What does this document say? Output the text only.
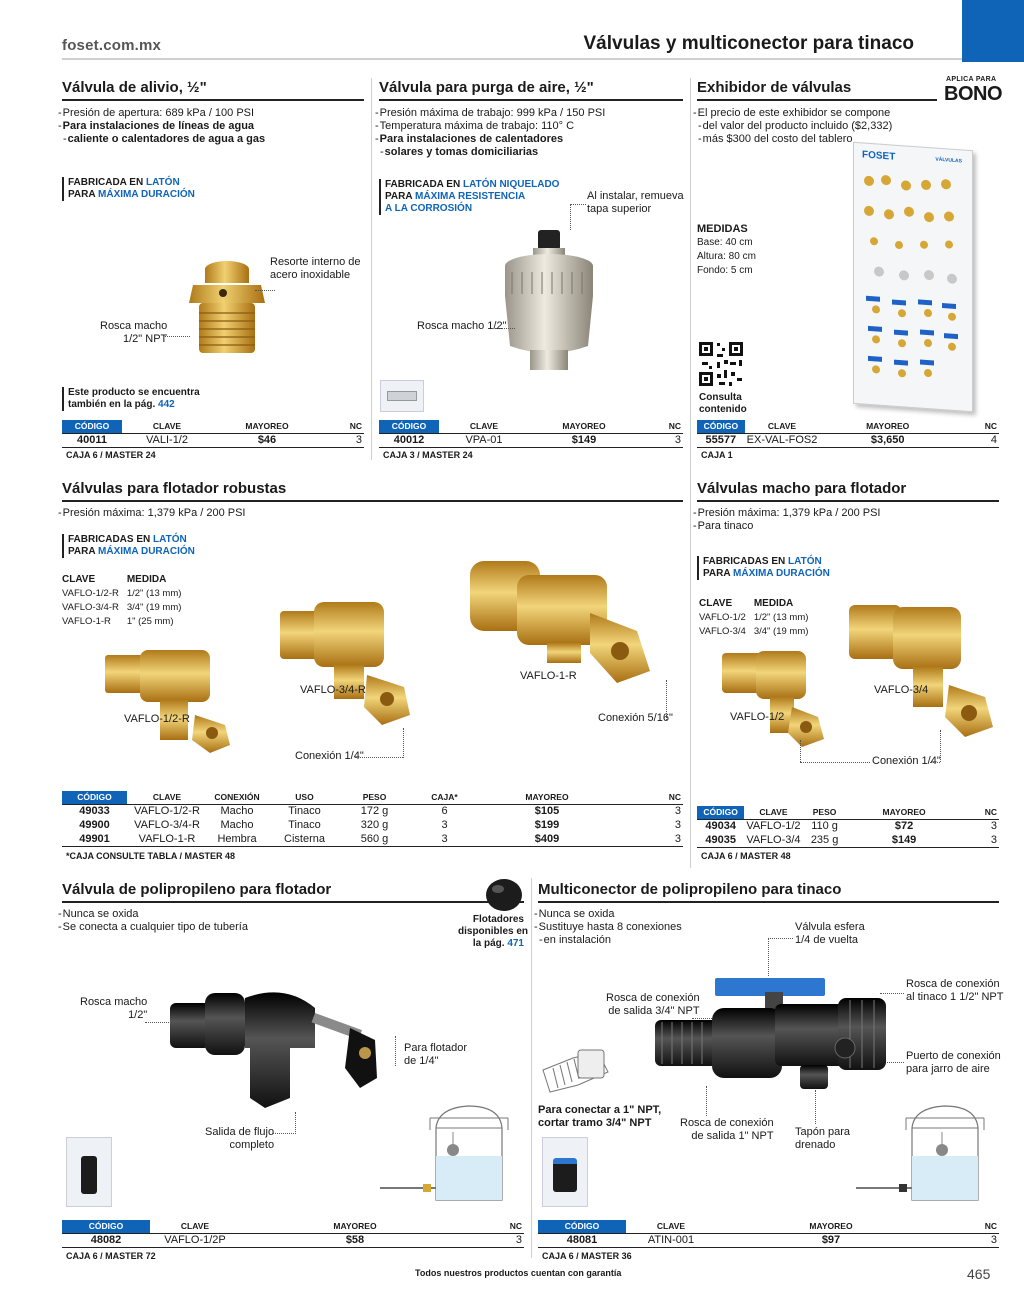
foset.com.mx	Válvulas y multiconector para tinaco
Válvula de alivio, ½"
- Presión de apertura: 689 kPa / 100 PSI
- Para instalaciones de líneas de agua
- caliente o calentadores de agua a gas
FABRICADA EN LATÓN
PARA MÁXIMA DURACIÓN
Resorte interno de
acero inoxidable
Rosca macho
1/2" NPT
Este producto se encuentra
también en la pág. 442
CÓDIGO	CLAVE	MAYOREO	NC
40011	VALI-1/2	$46	3
CAJA 6 / MASTER 24
Válvula para purga de aire, ½"
- Presión máxima de trabajo: 999 kPa / 150 PSI
- Temperatura máxima de trabajo: 110° C
- Para instalaciones de calentadores
- solares y tomas domiciliarias
FABRICADA EN LATÓN NIQUELADO
PARA MÁXIMA RESISTENCIA
A LA CORROSIÓN
Al instalar, remueva
tapa superior
Rosca macho 1/2"
CÓDIGO	CLAVE	MAYOREO	NC
40012	VPA-01	$149	3
CAJA 3 / MASTER 24
APLICA PARA
BONO
Exhibidor de válvulas
- El precio de este exhibidor se compone
- del valor del producto incluido ($2,332)
- más $300 del costo del tablero
MEDIDAS
Base: 40 cm
Altura: 80 cm
Fondo: 5 cm
Consulta
contenido
FOSET	VÁLVULAS
CÓDIGO	CLAVE	MAYOREO	NC
55577	EX-VAL-FOS2	$3,650	4
CAJA 1
Válvulas para flotador robustas
- Presión máxima: 1,379 kPa / 200 PSI
FABRICADAS EN LATÓN
PARA MÁXIMA DURACIÓN
CLAVE	MEDIDA
VAFLO-1/2-R	1/2" (13 mm)
VAFLO-3/4-R	3/4" (19 mm)
VAFLO-1-R	1" (25 mm)
VAFLO-1/2-R
VAFLO-3/4-R
VAFLO-1-R
Conexión 1/4"
Conexión 5/16"
CÓDIGO	CLAVE	CONEXIÓN	USO	PESO	CAJA*	MAYOREO	NC
49033	VAFLO-1/2-R	Macho	Tinaco	172 g	6	$105	3
49900	VAFLO-3/4-R	Macho	Tinaco	320 g	3	$199	3
49901	VAFLO-1-R	Hembra	Cisterna	560 g	3	$409	3
*CAJA CONSULTE TABLA / MASTER 48
Válvulas macho para flotador
- Presión máxima: 1,379 kPa / 200 PSI
- Para tinaco
FABRICADAS EN LATÓN
PARA MÁXIMA DURACIÓN
CLAVE	MEDIDA
VAFLO-1/2	1/2" (13 mm)
VAFLO-3/4	3/4" (19 mm)
VAFLO-1/2
VAFLO-3/4
Conexión 1/4"
CÓDIGO	CLAVE	PESO	MAYOREO	NC
49034	VAFLO-1/2	110 g	$72	3
49035	VAFLO-3/4	235 g	$149	3
CAJA 6 / MASTER 48
Válvula de polipropileno para flotador
- Nunca se oxida
- Se conecta a cualquier tipo de tubería
Flotadores
disponibles en
la pág. 471
Rosca macho
1/2"
Para flotador
de 1/4"
Salida de flujo
completo
CÓDIGO	CLAVE	MAYOREO	NC
48082	VAFLO-1/2P	$58	3
CAJA 6 / MASTER 72
Multiconector de polipropileno para tinaco
- Nunca se oxida
- Sustituye hasta 8 conexiones
- en instalación
Válvula esfera
1/4 de vuelta
Rosca de conexión
de salida 3/4" NPT
Rosca de conexión
al tinaco 1 1/2" NPT
Puerto de conexión
para jarro de aire
Para conectar a 1" NPT,
cortar tramo 3/4" NPT	Rosca de conexión
de salida 1" NPT Tapón para
drenado
CÓDIGO	CLAVE	MAYOREO	NC
48081	ATIN-001	$97	3
CAJA 6 / MASTER 36
Todos nuestros productos cuentan con garantía	465
